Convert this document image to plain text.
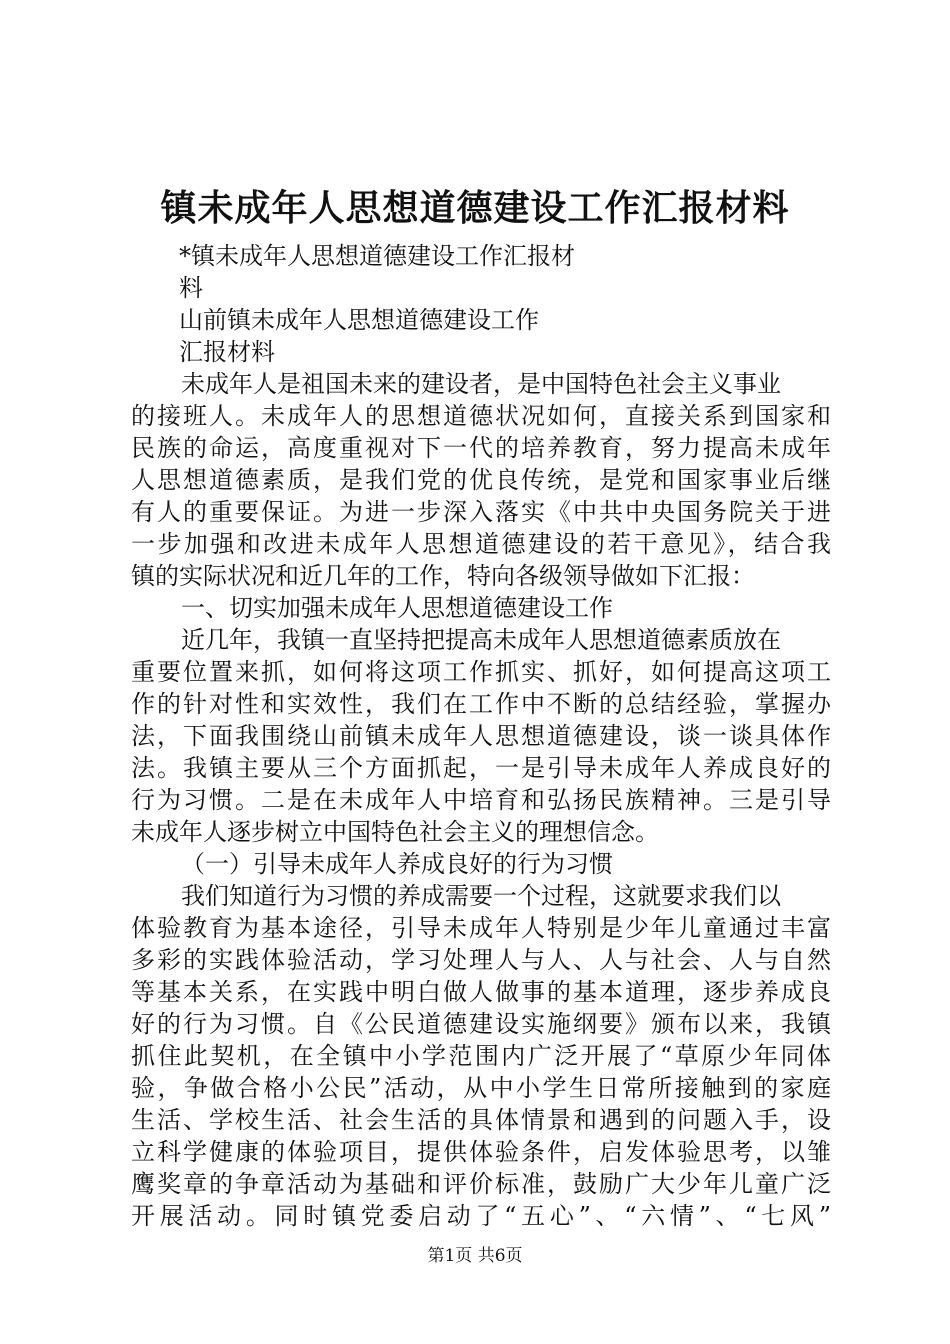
镇未成年人思想道德建设工作汇报材料
*镇未成年人思想道德建设工作汇报材
料
山前镇未成年人思想道德建设工作
汇报材料
未成年人是祖国未来的建设者，是中国特色社会主义事业
的接班人。未成年人的思想道德状况如何，直接关系到国家和
民族的命运，高度重视对下一代的培养教育，努力提高未成年
人思想道德素质，是我们党的优良传统，是党和国家事业后继
有人的重要保证。为进一步深入落实《中共中央国务院关于进
一步加强和改进未成年人思想道德建设的若干意见》，结合我
镇的实际状况和近几年的工作，特向各级领导做如下汇报：
一、切实加强未成年人思想道德建设工作
近几年，我镇一直坚持把提高未成年人思想道德素质放在
重要位置来抓，如何将这项工作抓实、抓好，如何提高这项工
作的针对性和实效性，我们在工作中不断的总结经验，掌握办
法，下面我围绕山前镇未成年人思想道德建设，谈一谈具体作
法。我镇主要从三个方面抓起，一是引导未成年人养成良好的
行为习惯。二是在未成年人中培育和弘扬民族精神。三是引导
未成年人逐步树立中国特色社会主义的理想信念。
（一）引导未成年人养成良好的行为习惯
我们知道行为习惯的养成需要一个过程，这就要求我们以
体验教育为基本途径，引导未成年人特别是少年儿童通过丰富
多彩的实践体验活动，学习处理人与人、人与社会、人与自然
等基本关系，在实践中明白做人做事的基本道理，逐步养成良
好的行为习惯。自《公民道德建设实施纲要》颁布以来，我镇
抓住此契机，在全镇中小学范围内广泛开展了“草原少年同体
验，争做合格小公民”活动，从中小学生日常所接触到的家庭
生活、学校生活、社会生活的具体情景和遇到的问题入手，设
立科学健康的体验项目，提供体验条件，启发体验思考，以雏
鹰奖章的争章活动为基础和评价标准，鼓励广大少年儿童广泛
开展活动。同时镇党委启动了“五心”、“六情”、“七风”
第1页 共6页
